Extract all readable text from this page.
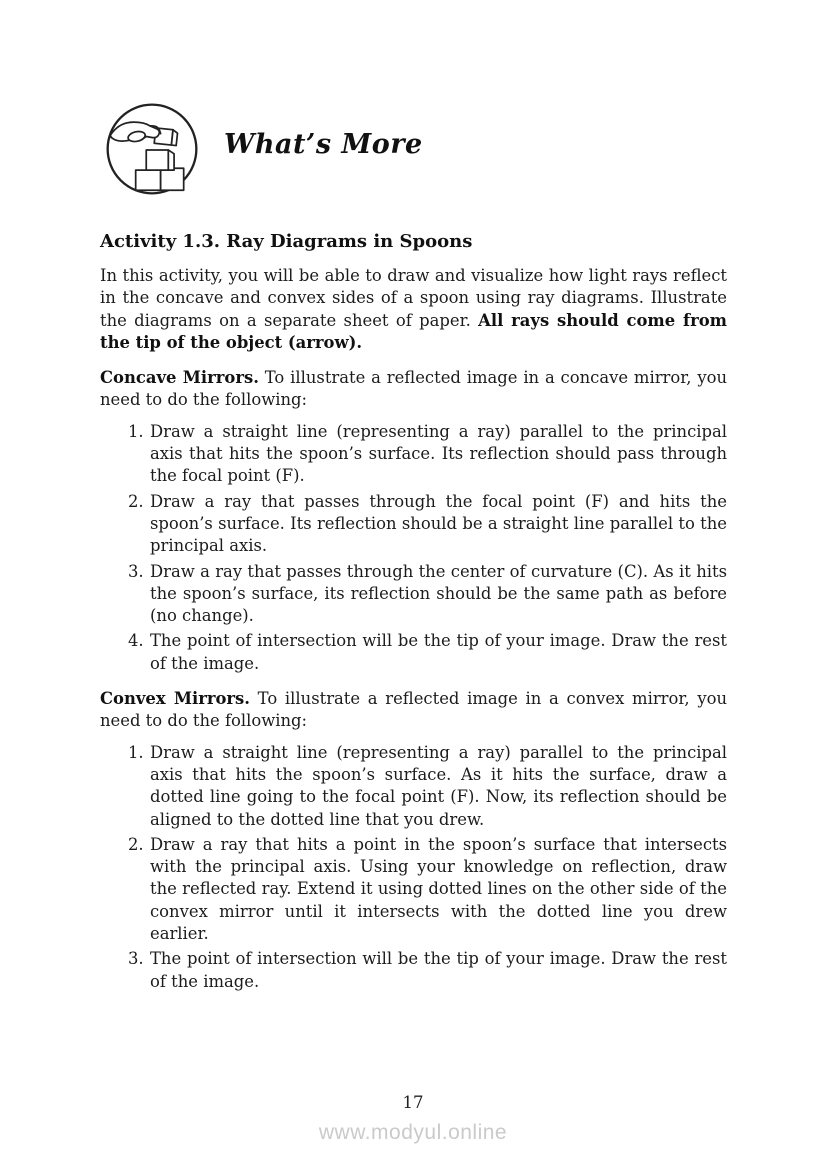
What’s More
Activity 1.3. Ray Diagrams in Spoons
In this activity, you will be able to draw and visualize how light rays reflect in the concave and convex sides of a spoon using ray diagrams. Illustrate the diagrams on a separate sheet of paper. All rays should come from the tip of the object (arrow).
Concave Mirrors. To illustrate a reflected image in a concave mirror, you need to do the following:
1. Draw a straight line (representing a ray) parallel to the principal axis that hits the spoon’s surface. Its reflection should pass through the focal point (F).
2. Draw a ray that passes through the focal point (F) and hits the spoon’s surface. Its reflection should be a straight line parallel to the principal axis.
3. Draw a ray that passes through the center of curvature (C). As it hits the spoon’s surface, its reflection should be the same path as before (no change).
4. The point of intersection will be the tip of your image. Draw the rest of the image.
Convex Mirrors. To illustrate a reflected image in a convex mirror, you need to do the following:
1. Draw a straight line (representing a ray) parallel to the principal axis that hits the spoon’s surface. As it hits the surface, draw a dotted line going to the focal point (F). Now, its reflection should be aligned to the dotted line that you drew.
2. Draw a ray that hits a point in the spoon’s surface that intersects with the principal axis. Using your knowledge on reflection, draw the reflected ray. Extend it using dotted lines on the other side of the convex mirror until it intersects with the dotted line you drew earlier.
3. The point of intersection will be the tip of your image. Draw the rest of the image.
17
www.modyul.online
